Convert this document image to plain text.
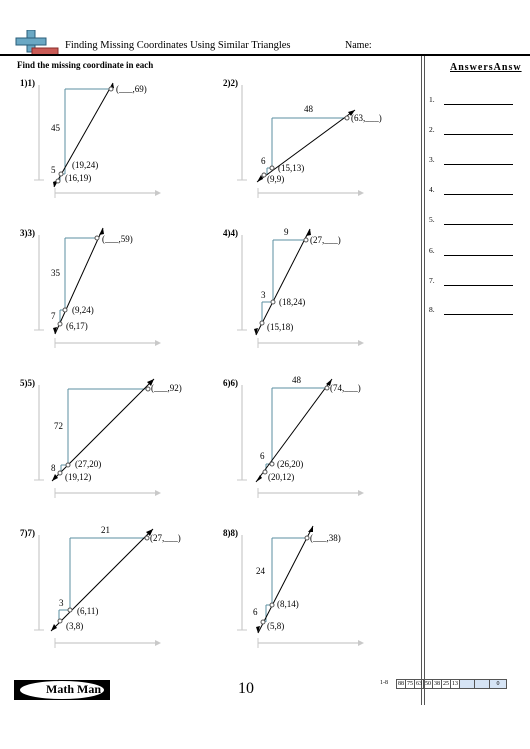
Finding Missing Coordinates Using Similar Triangles	Name:
Find the missing coordinate in each	AnswersAnsw
1.
2.
3.
4.
5.
6.
7.
8.
1)1)
(___,69)
45
5 (19,24)
(16,19)
2)2)
48
(63,___)
6
(15,13)
(9,9)
3)3)
(___,59)
35
7
(9,24)
(6,17)
4)4)	9
(27,___)
3
(18,24)
(15,18)
5)5)	(___,92)
72
8 (27,20)
(19,12)
6)6)	48
(74,___)
6
(26,20)
(20,12)
7)7)	21
(27,___)
3
(6,11)
(3,8)
8)8)	(___,38)
24
6
(8,14)
(5,8)
Math Man	10	1-8 88	75	63	50	38	25	13			0
